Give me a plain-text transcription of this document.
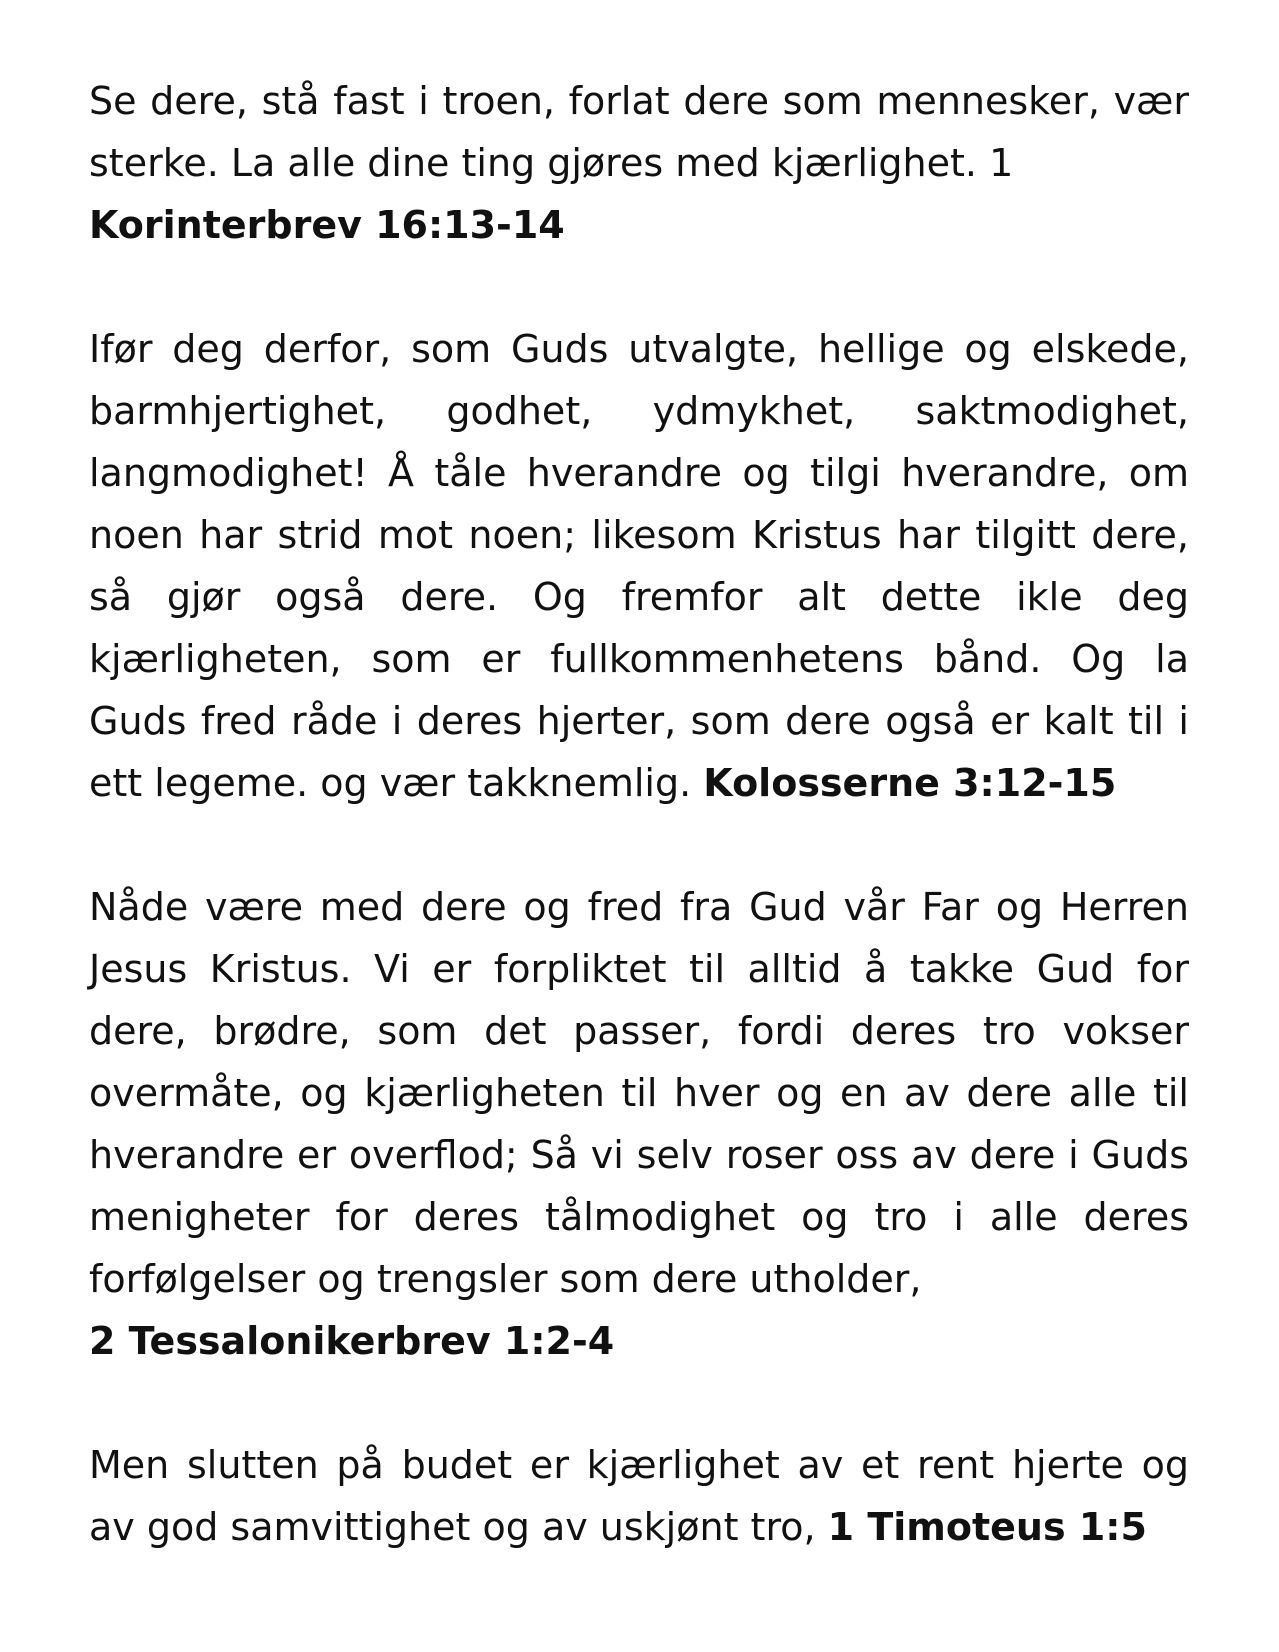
Se dere, stå fast i troen, forlat dere som mennesker, vær sterke. La alle dine ting gjøres med kjærlighet. 1
Korinterbrev 16:13-14

Ifør deg derfor, som Guds utvalgte, hellige og elskede, barmhjertighet, godhet, ydmykhet, saktmodighet, langmodighet! Å tåle hverandre og tilgi hverandre, om noen har strid mot noen; likesom Kristus har tilgitt dere, så gjør også dere. Og fremfor alt dette ikle deg kjærligheten, som er fullkommenhetens bånd. Og la Guds fred råde i deres hjerter, som dere også er kalt til i ett legeme. og vær takknemlig. Kolosserne 3:12-15

Nåde være med dere og fred fra Gud vår Far og Herren Jesus Kristus. Vi er forpliktet til alltid å takke Gud for dere, brødre, som det passer, fordi deres tro vokser overmåte, og kjærligheten til hver og en av dere alle til hverandre er overflod; Så vi selv roser oss av dere i Guds menigheter for deres tålmodighet og tro i alle deres forfølgelser og trengsler som dere utholder,
2 Tessalonikerbrev 1:2-4

Men slutten på budet er kjærlighet av et rent hjerte og av god samvittighet og av uskjønt tro, 1 Timoteus 1:5
